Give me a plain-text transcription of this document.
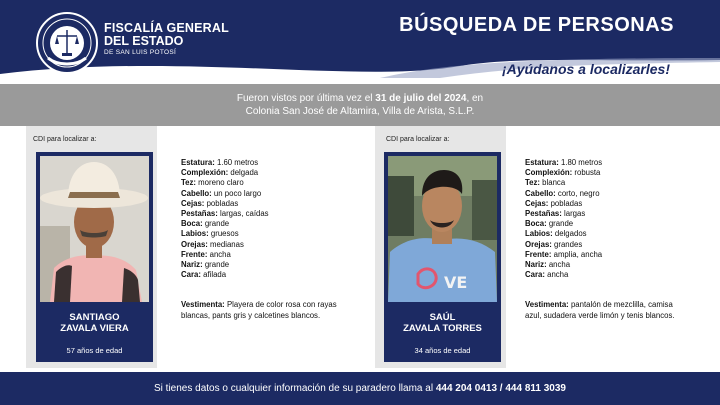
FISCALÍA GENERAL
DEL ESTADO
DE SAN LUIS POTOSÍ
BÚSQUEDA DE PERSONAS
¡Ayúdanos a localizarles!
Fueron vistos por última vez el 31 de julio del 2024, en
Colonia San José de Altamira, Villa de Arista, S.L.P.
CDI para localizar a:
SANTIAGO
ZAVALA VIERA
57 años de edad
Estatura: 1.60 metros
Complexión: delgada
Tez: moreno claro
Cabello: un poco largo
Cejas: pobladas
Pestañas: largas, caídas
Boca: grande
Labios: gruesos
Orejas: medianas
Frente: ancha
Nariz: grande
Cara: afilada
Vestimenta: Playera de color rosa con rayas
blancas, pants gris y calcetines blancos.
CDI para localizar a:
VE
SAÚL
ZAVALA TORRES
34 años de edad
Estatura: 1.80 metros
Complexión: robusta
Tez: blanca
Cabello: corto, negro
Cejas: pobladas
Pestañas: largas
Boca: grande
Labios: delgados
Orejas: grandes
Frente: amplia, ancha
Nariz: ancha
Cara: ancha
Vestimenta: pantalón de mezclilla, camisa
azul, sudadera verde limón y tenis blancos.
Si tienes datos o cualquier información de su paradero llama al 444 204 0413 / 444 811 3039
